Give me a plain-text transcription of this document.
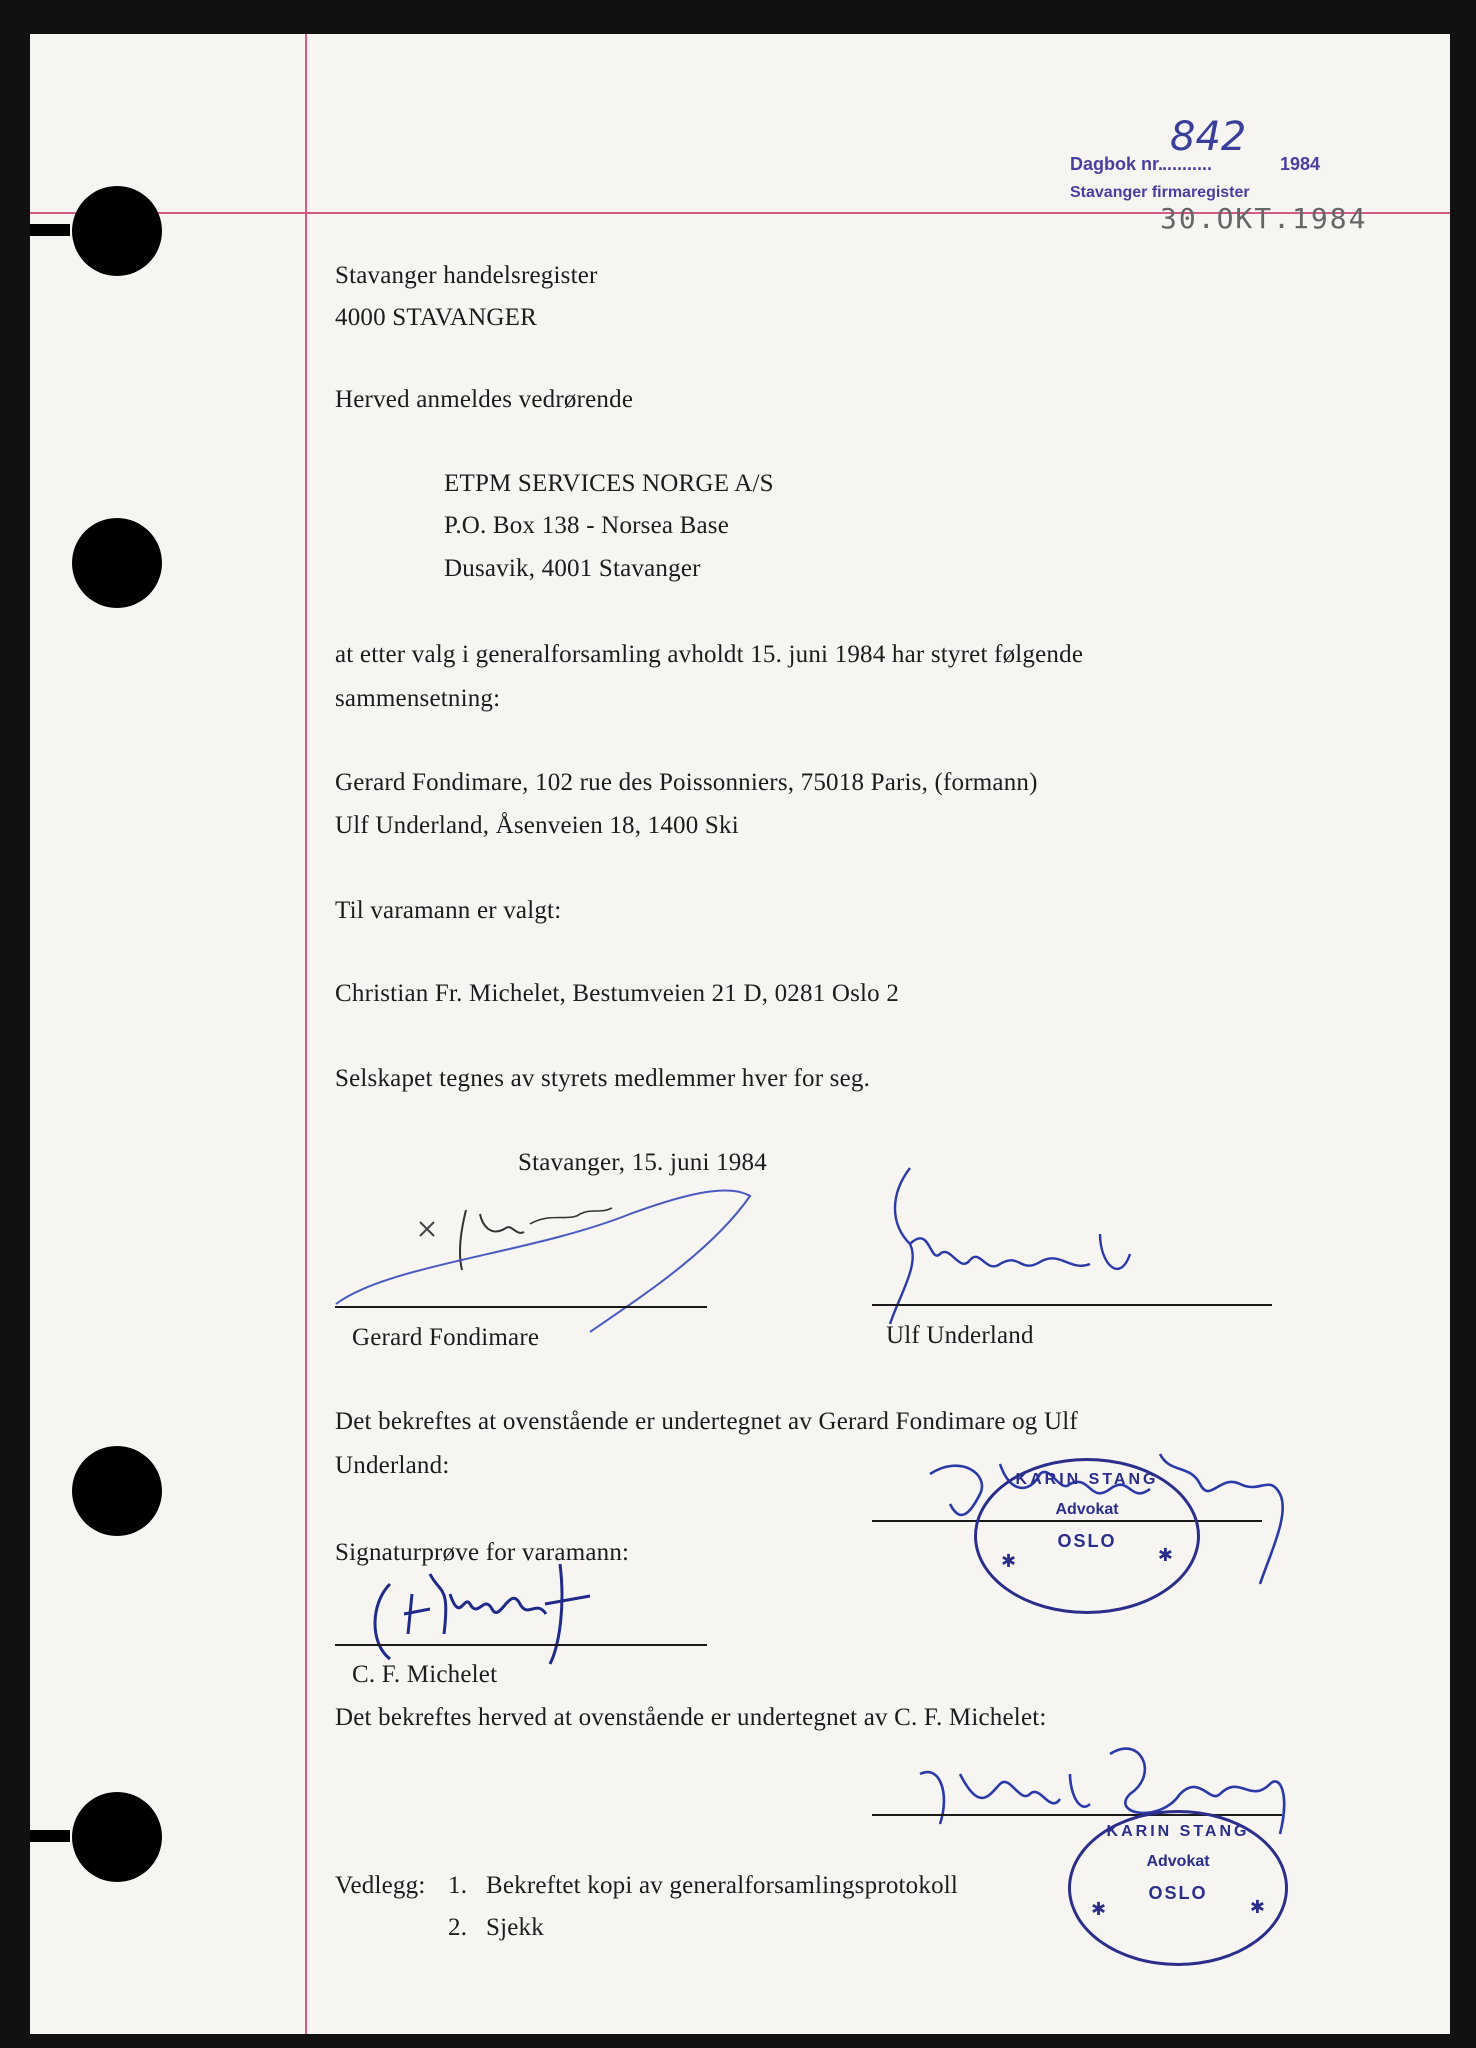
Dagbok nr.
..........
842
1984
Stavanger firmaregister
30.OKT.1984
Stavanger handelsregister
4000 STAVANGER
Herved anmeldes vedrørende
ETPM SERVICES NORGE A/S
P.O. Box 138 - Norsea Base
Dusavik, 4001 Stavanger
at etter valg i generalforsamling avholdt 15. juni 1984 har styret følgende
sammensetning:
Gerard Fondimare, 102 rue des Poissonniers, 75018 Paris, (formann)
Ulf Underland, Åsenveien 18, 1400 Ski
Til varamann er valgt:
Christian Fr. Michelet, Bestumveien 21 D, 0281 Oslo 2
Selskapet tegnes av styrets medlemmer hver for seg.
Stavanger, 15. juni 1984
Gerard Fondimare	Ulf Underland
Det bekreftes at ovenstående er undertegnet av Gerard Fondimare og Ulf
Underland:
KARIN STANG
Advokat
✱	✱
OSLO
Signaturprøve for varamann:
C. F. Michelet
Det bekreftes herved at ovenstående er undertegnet av C. F. Michelet:
KARIN STANG
Advokat
✱	✱
OSLO
Vedlegg: 1. Bekreftet kopi av generalforsamlingsprotokoll
2. Sjekk
